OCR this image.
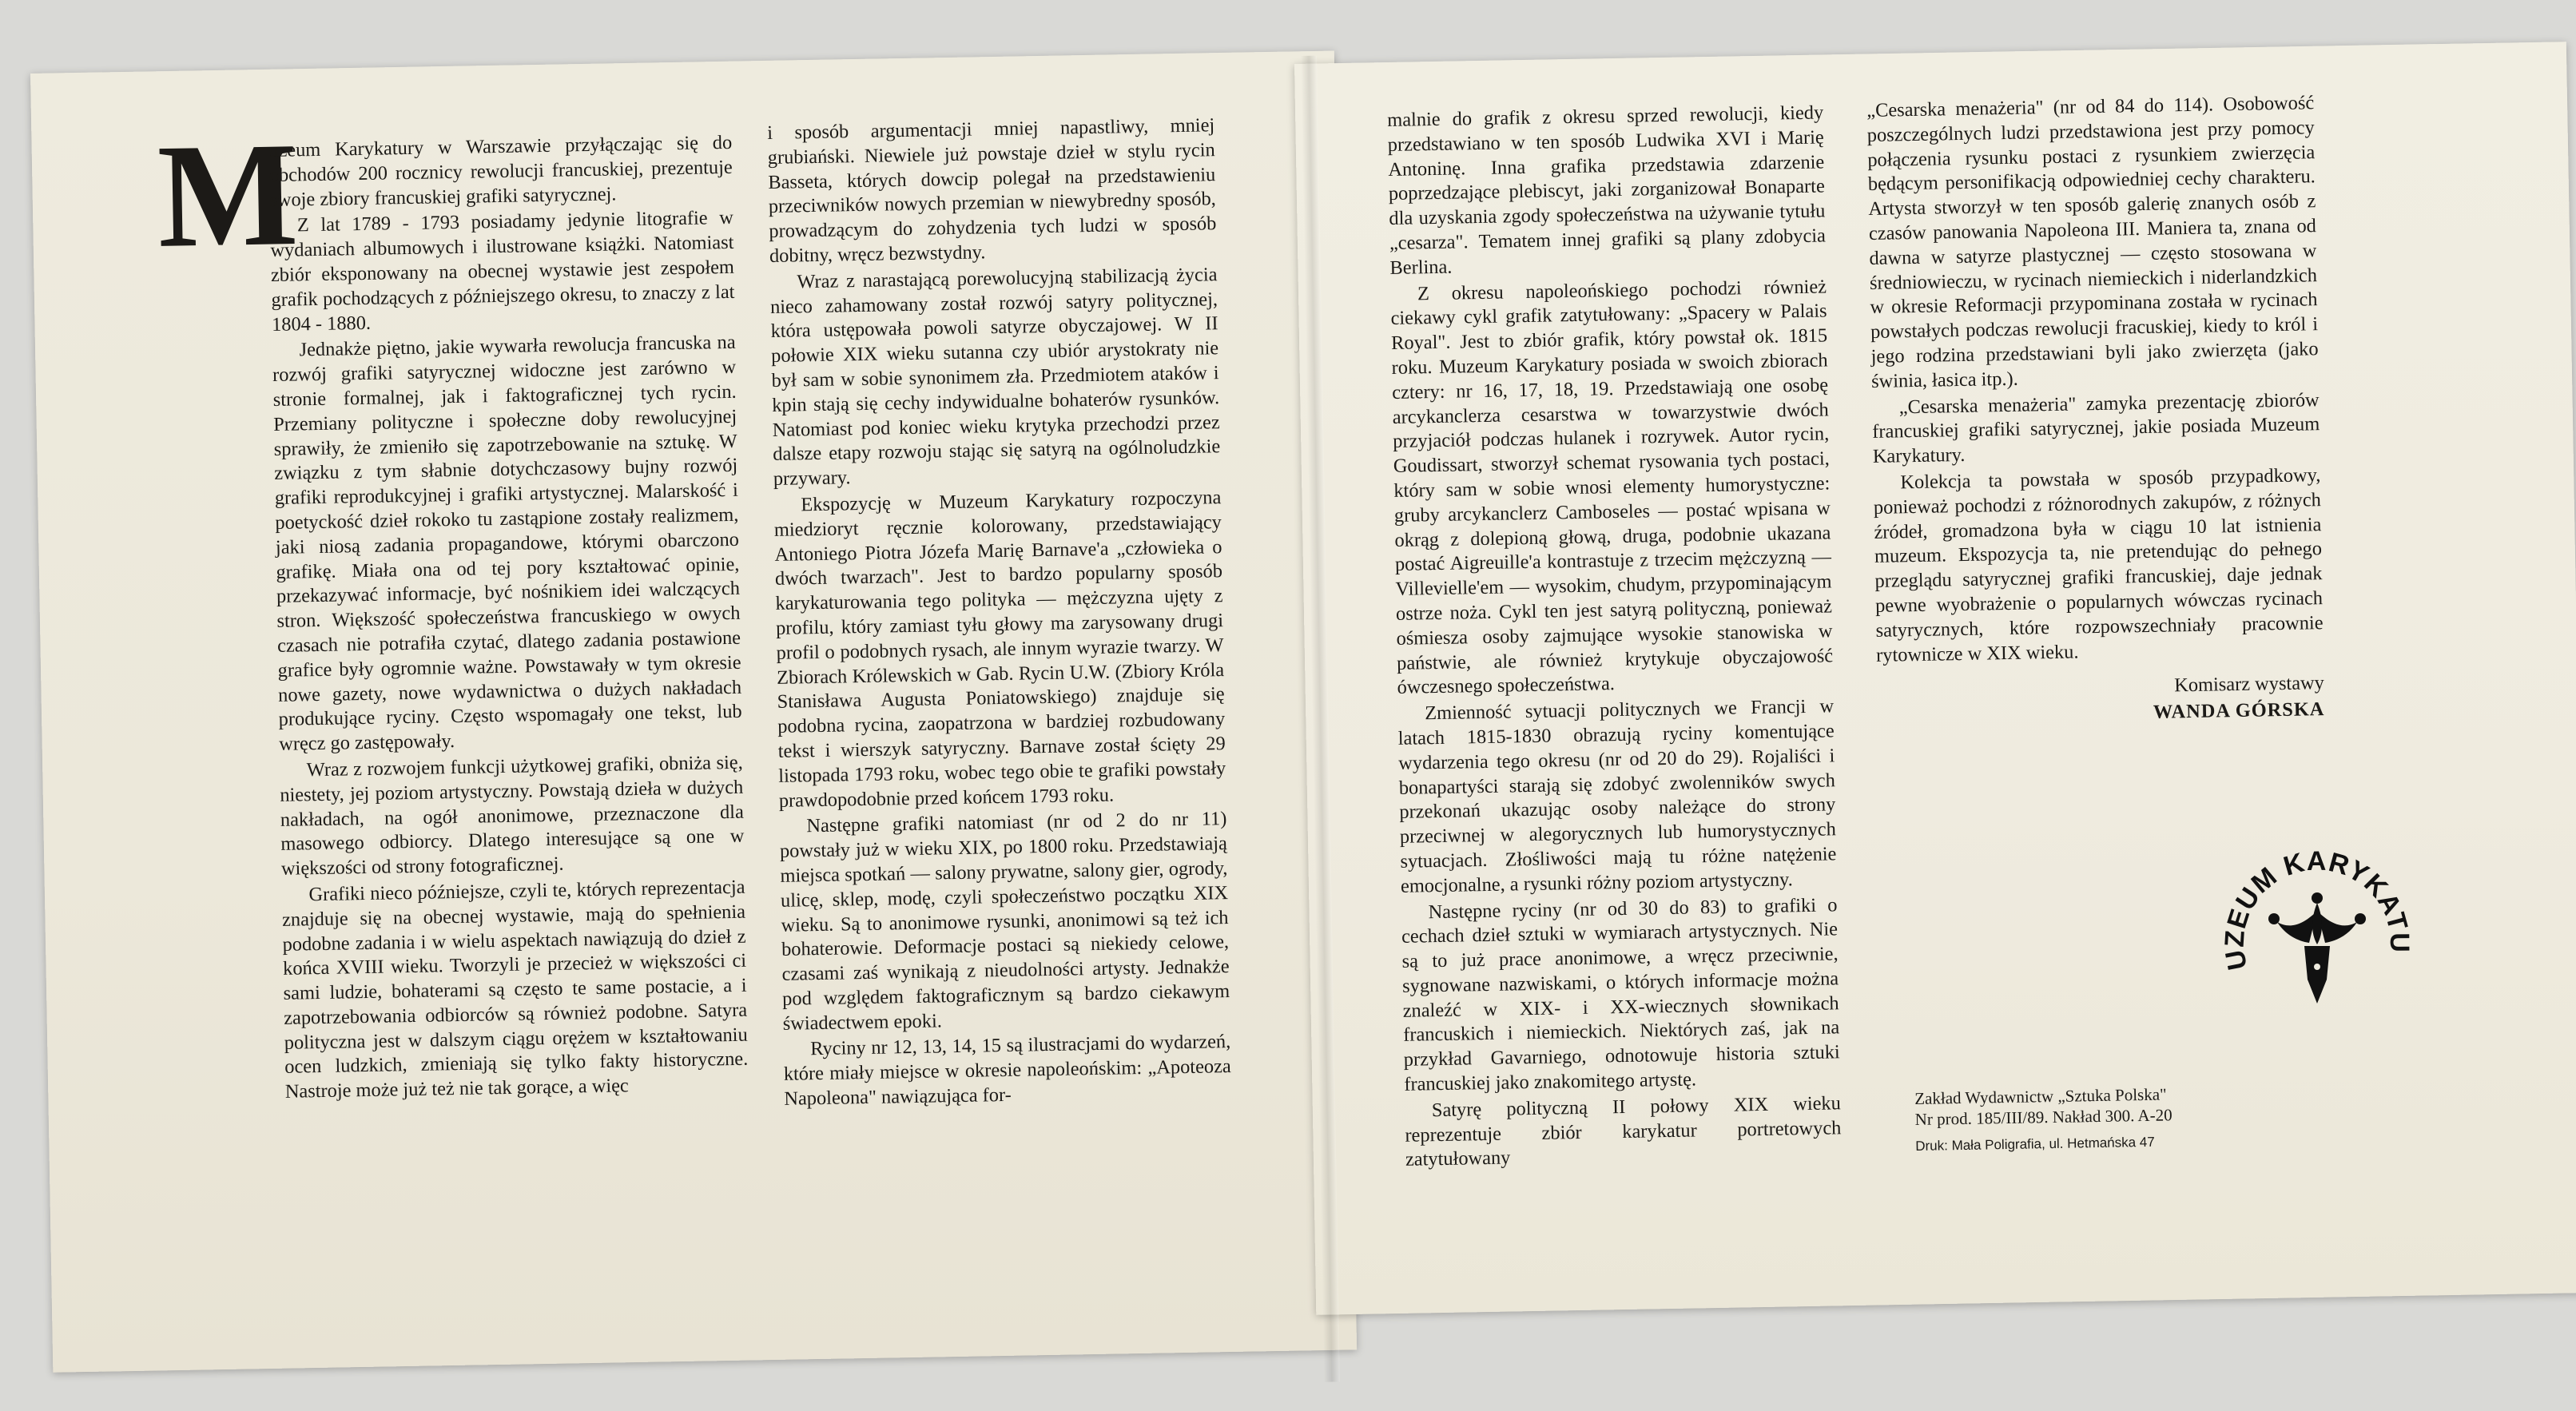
M

uzeum Karykatury w Warszawie przyłączając się do obchodów 200 rocznicy rewolucji francuskiej, prezentuje swoje zbiory francuskiej grafiki satyrycznej.

Z lat 1789 - 1793 posiadamy jedynie litografie w wydaniach albumowych i ilustrowane książki. Natomiast zbiór eksponowany na obecnej wystawie jest zespołem grafik pochodzących z późniejszego okresu, to znaczy z lat 1804 - 1880.

Jednakże piętno, jakie wywarła rewolucja francuska na rozwój grafiki satyrycznej widoczne jest zarówno w stronie formalnej, jak i faktograficznej tych rycin. Przemiany polityczne i społeczne doby rewolucyjnej sprawiły, że zmieniło się zapotrzebowanie na sztukę. W związku z tym słabnie dotychczasowy bujny rozwój grafiki reprodukcyjnej i grafiki artystycznej. Malarskość i poetyckość dzieł rokoko tu zastąpione zostały realizmem, jaki niosą zadania propagandowe, którymi obarczono grafikę. Miała ona od tej pory kształtować opinie, przekazywać informacje, być nośnikiem idei walczących stron. Większość społeczeństwa francuskiego w owych czasach nie potrafiła czytać, dlatego zadania postawione grafice były ogromnie ważne. Powstawały w tym okresie nowe gazety, nowe wydawnictwa o dużych nakładach produkujące ryciny. Często wspomagały one tekst, lub wręcz go zastępowały.

Wraz z rozwojem funkcji użytkowej grafiki, obniża się, niestety, jej poziom artystyczny. Powstają dzieła w dużych nakładach, na ogół anonimowe, przeznaczone dla masowego odbiorcy. Dlatego interesujące są one w większości od strony fotograficznej.

Grafiki nieco późniejsze, czyli te, których reprezentacja znajduje się na obecnej wystawie, mają do spełnienia podobne zadania i w wielu aspektach nawiązują do dzieł z końca XVIII wieku. Tworzyli je przecież w większości ci sami ludzie, bohaterami są często te same postacie, a i zapotrzebowania odbiorców są również podobne. Satyra polityczna jest w dalszym ciągu orężem w kształtowaniu ocen ludzkich, zmieniają się tylko fakty historyczne. Nastroje może już też nie tak gorące, a więc

i sposób argumentacji mniej napastliwy, mniej grubiański. Niewiele już powstaje dzieł w stylu rycin Basseta, których dowcip polegał na przedstawieniu przeciwników nowych przemian w niewybredny sposób, prowadzącym do zohydzenia tych ludzi w sposób dobitny, wręcz bezwstydny.

Wraz z narastającą porewolucyjną stabilizacją życia nieco zahamowany został rozwój satyry politycznej, która ustępowała powoli satyrze obyczajowej. W II połowie XIX wieku sutanna czy ubiór arystokraty nie był sam w sobie synonimem zła. Przedmiotem ataków i kpin stają się cechy indywidualne bohaterów rysunków. Natomiast pod koniec wieku krytyka przechodzi przez dalsze etapy rozwoju stając się satyrą na ogólnoludzkie przywary.

Ekspozycję w Muzeum Karykatury rozpoczyna miedzioryt ręcznie kolorowany, przedstawiający Antoniego Piotra Józefa Marię Barnave'a „człowieka o dwóch twarzach". Jest to bardzo popularny sposób karykaturowania tego polityka — mężczyzna ujęty z profilu, który zamiast tyłu głowy ma zarysowany drugi profil o podobnych rysach, ale innym wyrazie twarzy. W Zbiorach Królewskich w Gab. Rycin U.W. (Zbiory Króla Stanisława Augusta Poniatowskiego) znajduje się podobna rycina, zaopatrzona w bardziej rozbudowany tekst i wierszyk satyryczny. Barnave został ścięty 29 listopada 1793 roku, wobec tego obie te grafiki powstały prawdopodobnie przed końcem 1793 roku.

Następne grafiki natomiast (nr od 2 do nr 11) powstały już w wieku XIX, po 1800 roku. Przedstawiają miejsca spotkań — salony prywatne, salony gier, ogrody, ulicę, sklep, modę, czyli społeczeństwo początku XIX wieku. Są to anonimowe rysunki, anonimowi są też ich bohaterowie. Deformacje postaci są niekiedy celowe, czasami zaś wynikają z nieudolności artysty. Jednakże pod względem faktograficznym są bardzo ciekawym świadectwem epoki.

Ryciny nr 12, 13, 14, 15 są ilustracjami do wydarzeń, które miały miejsce w okresie napoleońskim: „Apoteoza Napoleona" nawiązująca for-

malnie do grafik z okresu sprzed rewolucji, kiedy przedstawiano w ten sposób Ludwika XVI i Marię Antoninę. Inna grafika przedstawia zdarzenie poprzedzające plebiscyt, jaki zorganizował Bonaparte dla uzyskania zgody społeczeństwa na używanie tytułu „cesarza". Tematem innej grafiki są plany zdobycia Berlina.

Z okresu napoleońskiego pochodzi również ciekawy cykl grafik zatytułowany: „Spacery w Palais Royal". Jest to zbiór grafik, który powstał ok. 1815 roku. Muzeum Karykatury posiada w swoich zbiorach cztery: nr 16, 17, 18, 19. Przedstawiają one osobę arcykanclerza cesarstwa w towarzystwie dwóch przyjaciół podczas hulanek i rozrywek. Autor rycin, Goudissart, stworzył schemat rysowania tych postaci, który sam w sobie wnosi elementy humorystyczne: gruby arcykanclerz Camboseles — postać wpisana w okrąg z dolepioną głową, druga, podobnie ukazana postać Aigreuille'a kontrastuje z trzecim mężczyzną — Villevielle'em — wysokim, chudym, przypominającym ostrze noża. Cykl ten jest satyrą polityczną, ponieważ ośmiesza osoby zajmujące wysokie stanowiska w państwie, ale również krytykuje obyczajowość ówczesnego społeczeństwa.

Zmienność sytuacji politycznych we Francji w latach 1815-1830 obrazują ryciny komentujące wydarzenia tego okresu (nr od 20 do 29). Rojaliści i bonapartyści starają się zdobyć zwolenników swych przekonań ukazując osoby należące do strony przeciwnej w alegorycznych lub humorystycznych sytuacjach. Złośliwości mają tu różne natężenie emocjonalne, a rysunki różny poziom artystyczny.

Następne ryciny (nr od 30 do 83) to grafiki o cechach dzieł sztuki w wymiarach artystycznych. Nie są to już prace anonimowe, a wręcz przeciwnie, sygnowane nazwiskami, o których informacje można znaleźć w XIX- i XX-wiecznych słownikach francuskich i niemieckich. Niektórych zaś, jak na przykład Gavarniego, odnotowuje historia sztuki francuskiej jako znakomitego artystę.

Satyrę polityczną II połowy XIX wieku reprezentuje zbiór karykatur portretowych zatytułowany

„Cesarska menażeria" (nr od 84 do 114). Osobowość poszczególnych ludzi przedstawiona jest przy pomocy połączenia rysunku postaci z rysunkiem zwierzęcia będącym personifikacją odpowiedniej cechy charakteru. Artysta stworzył w ten sposób galerię znanych osób z czasów panowania Napoleona III. Maniera ta, znana od dawna w satyrze plastycznej — często stosowana w średniowieczu, w rycinach niemieckich i niderlandzkich w okresie Reformacji przypominana została w rycinach powstałych podczas rewolucji fracuskiej, kiedy to król i jego rodzina przedstawiani byli jako zwierzęta (jako świnia, łasica itp.).

„Cesarska menażeria" zamyka prezentację zbiorów francuskiej grafiki satyrycznej, jakie posiada Muzeum Karykatury.

Kolekcja ta powstała w sposób przypadkowy, ponieważ pochodzi z różnorodnych zakupów, z różnych źródeł, gromadzona była w ciągu 10 lat istnienia muzeum. Ekspozycja ta, nie pretendując do pełnego przeglądu satyrycznej grafiki francuskiej, daje jednak pewne wyobrażenie o popularnych wówczas rycinach satyrycznych, które rozpowszechniały pracownie rytownicze w XIX wieku.

Komisarz wystawy

WANDA GÓRSKA

UZEUM KARYKATU
Zakład Wydawnictw „Sztuka Polska"
Nr prod. 185/III/89. Nakład 300. A-20
Druk: Mała Poligrafia, ul. Hetmańska 47
